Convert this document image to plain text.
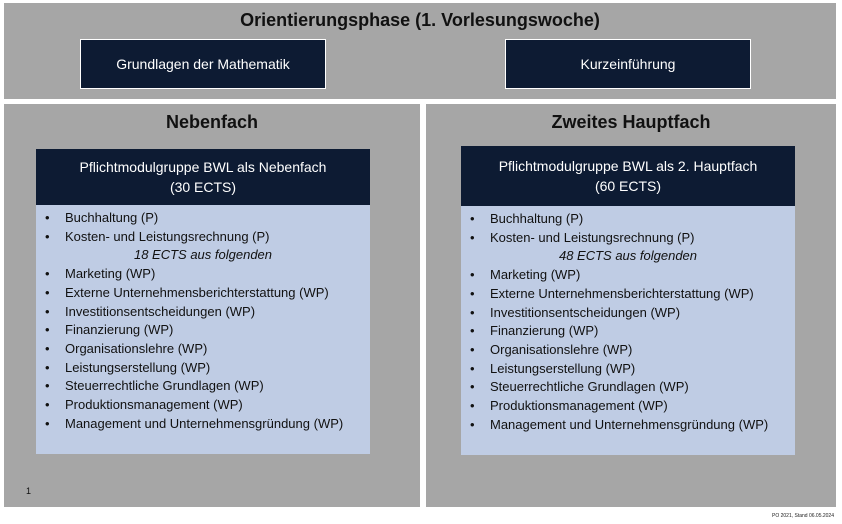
Orientierungsphase (1. Vorlesungswoche)
Grundlagen der Mathematik	Kurzeinführung
Nebenfach
Pflichtmodulgruppe BWL als Nebenfach
(30 ECTS)
• Buchhaltung (P)
• Kosten- und Leistungsrechnung (P)
18 ECTS aus folgenden
• Marketing (WP)
• Externe Unternehmensberichterstattung (WP)
• Investitionsentscheidungen (WP)
• Finanzierung (WP)
• Organisationslehre (WP)
• Leistungserstellung (WP)
• Steuerrechtliche Grundlagen (WP)
• Produktionsmanagement (WP)
• Management und Unternehmensgründung (WP)
1
Zweites Hauptfach
Pflichtmodulgruppe BWL als 2. Hauptfach
(60 ECTS)
• Buchhaltung (P)
• Kosten- und Leistungsrechnung (P)
48 ECTS aus folgenden
• Marketing (WP)
• Externe Unternehmensberichterstattung (WP)
• Investitionsentscheidungen (WP)
• Finanzierung (WP)
• Organisationslehre (WP)
• Leistungserstellung (WP)
• Steuerrechtliche Grundlagen (WP)
• Produktionsmanagement (WP)
• Management und Unternehmensgründung (WP)
PO 2021, Stand 06.05.2024
